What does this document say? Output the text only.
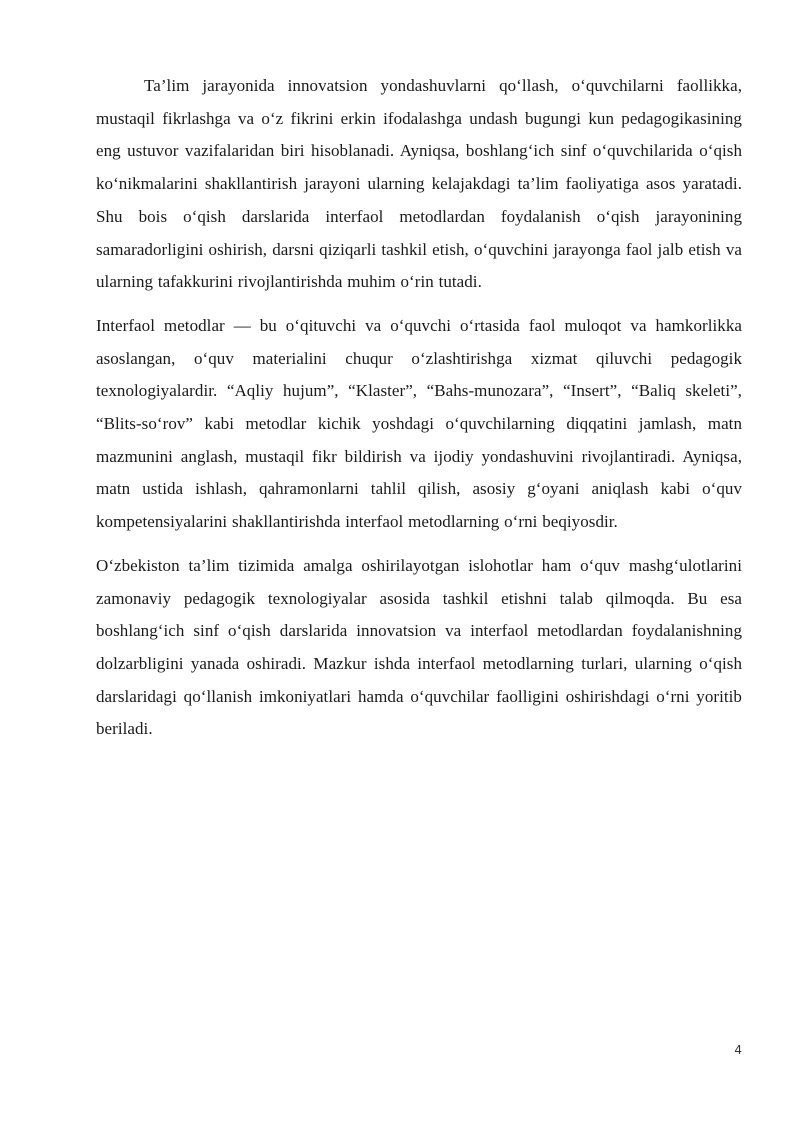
Ta’lim jarayonida innovatsion yondashuvlarni qo‘llash, o‘quvchilarni faollikka, mustaqil fikrlashga va o‘z fikrini erkin ifodalashga undash bugungi kun pedagogikasining eng ustuvor vazifalaridan biri hisoblanadi. Ayniqsa, boshlang‘ich sinf o‘quvchilarida o‘qish ko‘nikmalarini shakllantirish jarayoni ularning kelajakdagi ta’lim faoliyatiga asos yaratadi. Shu bois o‘qish darslarida interfaol metodlardan foydalanish o‘qish jarayonining samaradorligini oshirish, darsni qiziqarli tashkil etish, o‘quvchini jarayonga faol jalb etish va ularning tafakkurini rivojlantirishda muhim o‘rin tutadi.

Interfaol metodlar — bu o‘qituvchi va o‘quvchi o‘rtasida faol muloqot va hamkorlikka asoslangan, o‘quv materialini chuqur o‘zlashtirishga xizmat qiluvchi pedagogik texnologiyalardir. “Aqliy hujum”, “Klaster”, “Bahs-munozara”, “Insert”, “Baliq skeleti”, “Blits-so‘rov” kabi metodlar kichik yoshdagi o‘quvchilarning diqqatini jamlash, matn mazmunini anglash, mustaqil fikr bildirish va ijodiy yondashuvini rivojlantiradi. Ayniqsa, matn ustida ishlash, qahramonlarni tahlil qilish, asosiy g‘oyani aniqlash kabi o‘quv kompetensiyalarini shakllantirishda interfaol metodlarning o‘rni beqiyosdir.

O‘zbekiston ta’lim tizimida amalga oshirilayotgan islohotlar ham o‘quv mashg‘ulotlarini zamonaviy pedagogik texnologiyalar asosida tashkil etishni talab qilmoqda. Bu esa boshlang‘ich sinf o‘qish darslarida innovatsion va interfaol metodlardan foydalanishning dolzarbligini yanada oshiradi. Mazkur ishda interfaol metodlarning turlari, ularning o‘qish darslaridagi qo‘llanish imkoniyatlari hamda o‘quvchilar faolligini oshirishdagi o‘rni yoritib beriladi.

4
